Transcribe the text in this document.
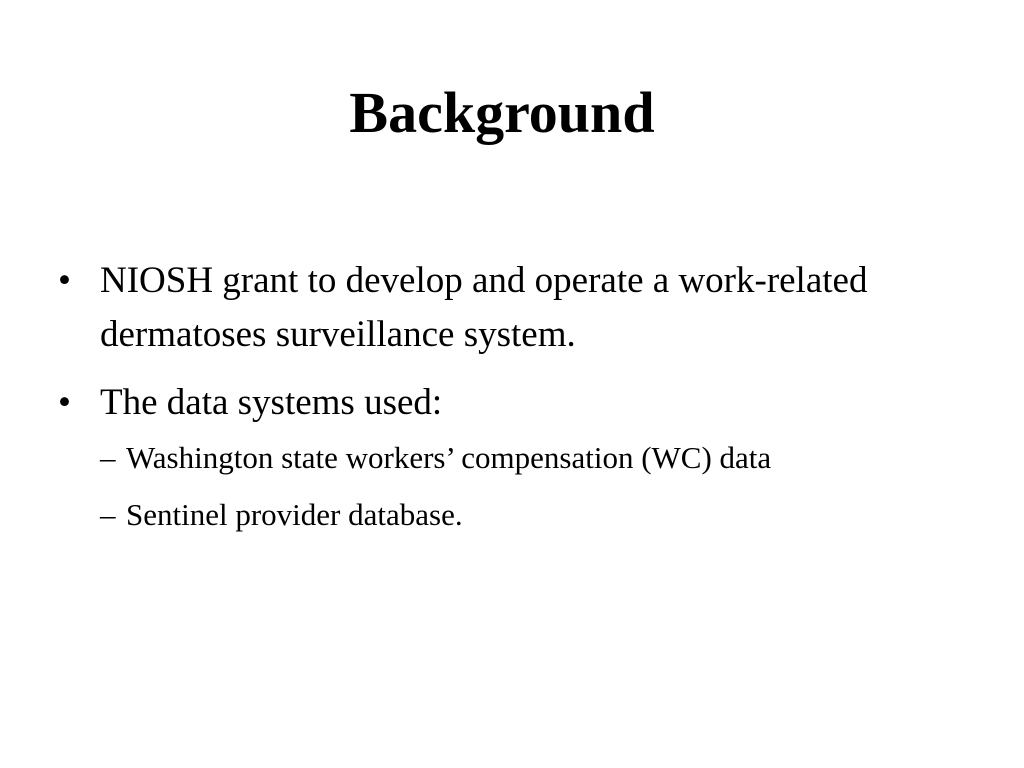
Background
• NIOSH grant to develop and operate a work-related dermatoses surveillance system.
• The data systems used:
– Washington state workers’ compensation (WC) data
– Sentinel provider database.
